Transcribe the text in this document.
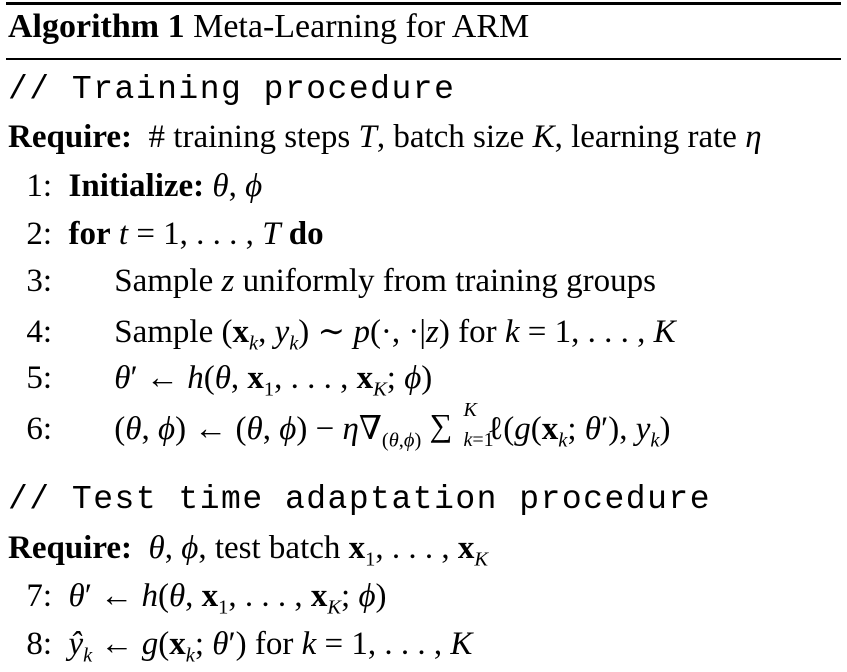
Algorithm 1 Meta-Learning for ARM
// Training procedure
Require:  # training steps T, batch size K, learning rate η
1: Initialize: θ, ϕ
2: for t = 1, . . . , T do
3: Sample z uniformly from training groups
4: Sample ($x_k$, $y_k$) ∼ p(·, ·|z) for k = 1, . . . , K
5: θ′ ← h(θ, $x_1$, . . . , $x_K$; ϕ)
6: (θ, ϕ) ← (θ, $\phi) - \eta\nabla_{(\theta,\phi)}$ ∑ K
k=1
$\ell(g(x_k$; θ′), $y_k$)
// Test time adaptation procedure
Require: θ, ϕ, test batch $x_1$, . . . , $x_K$
7: θ′ ← h(θ, $x_1$, . . . , $x_K$; ϕ)
8: $ŷ_k$ ← $g(x_k$; θ′) for k = 1, . . . , K
